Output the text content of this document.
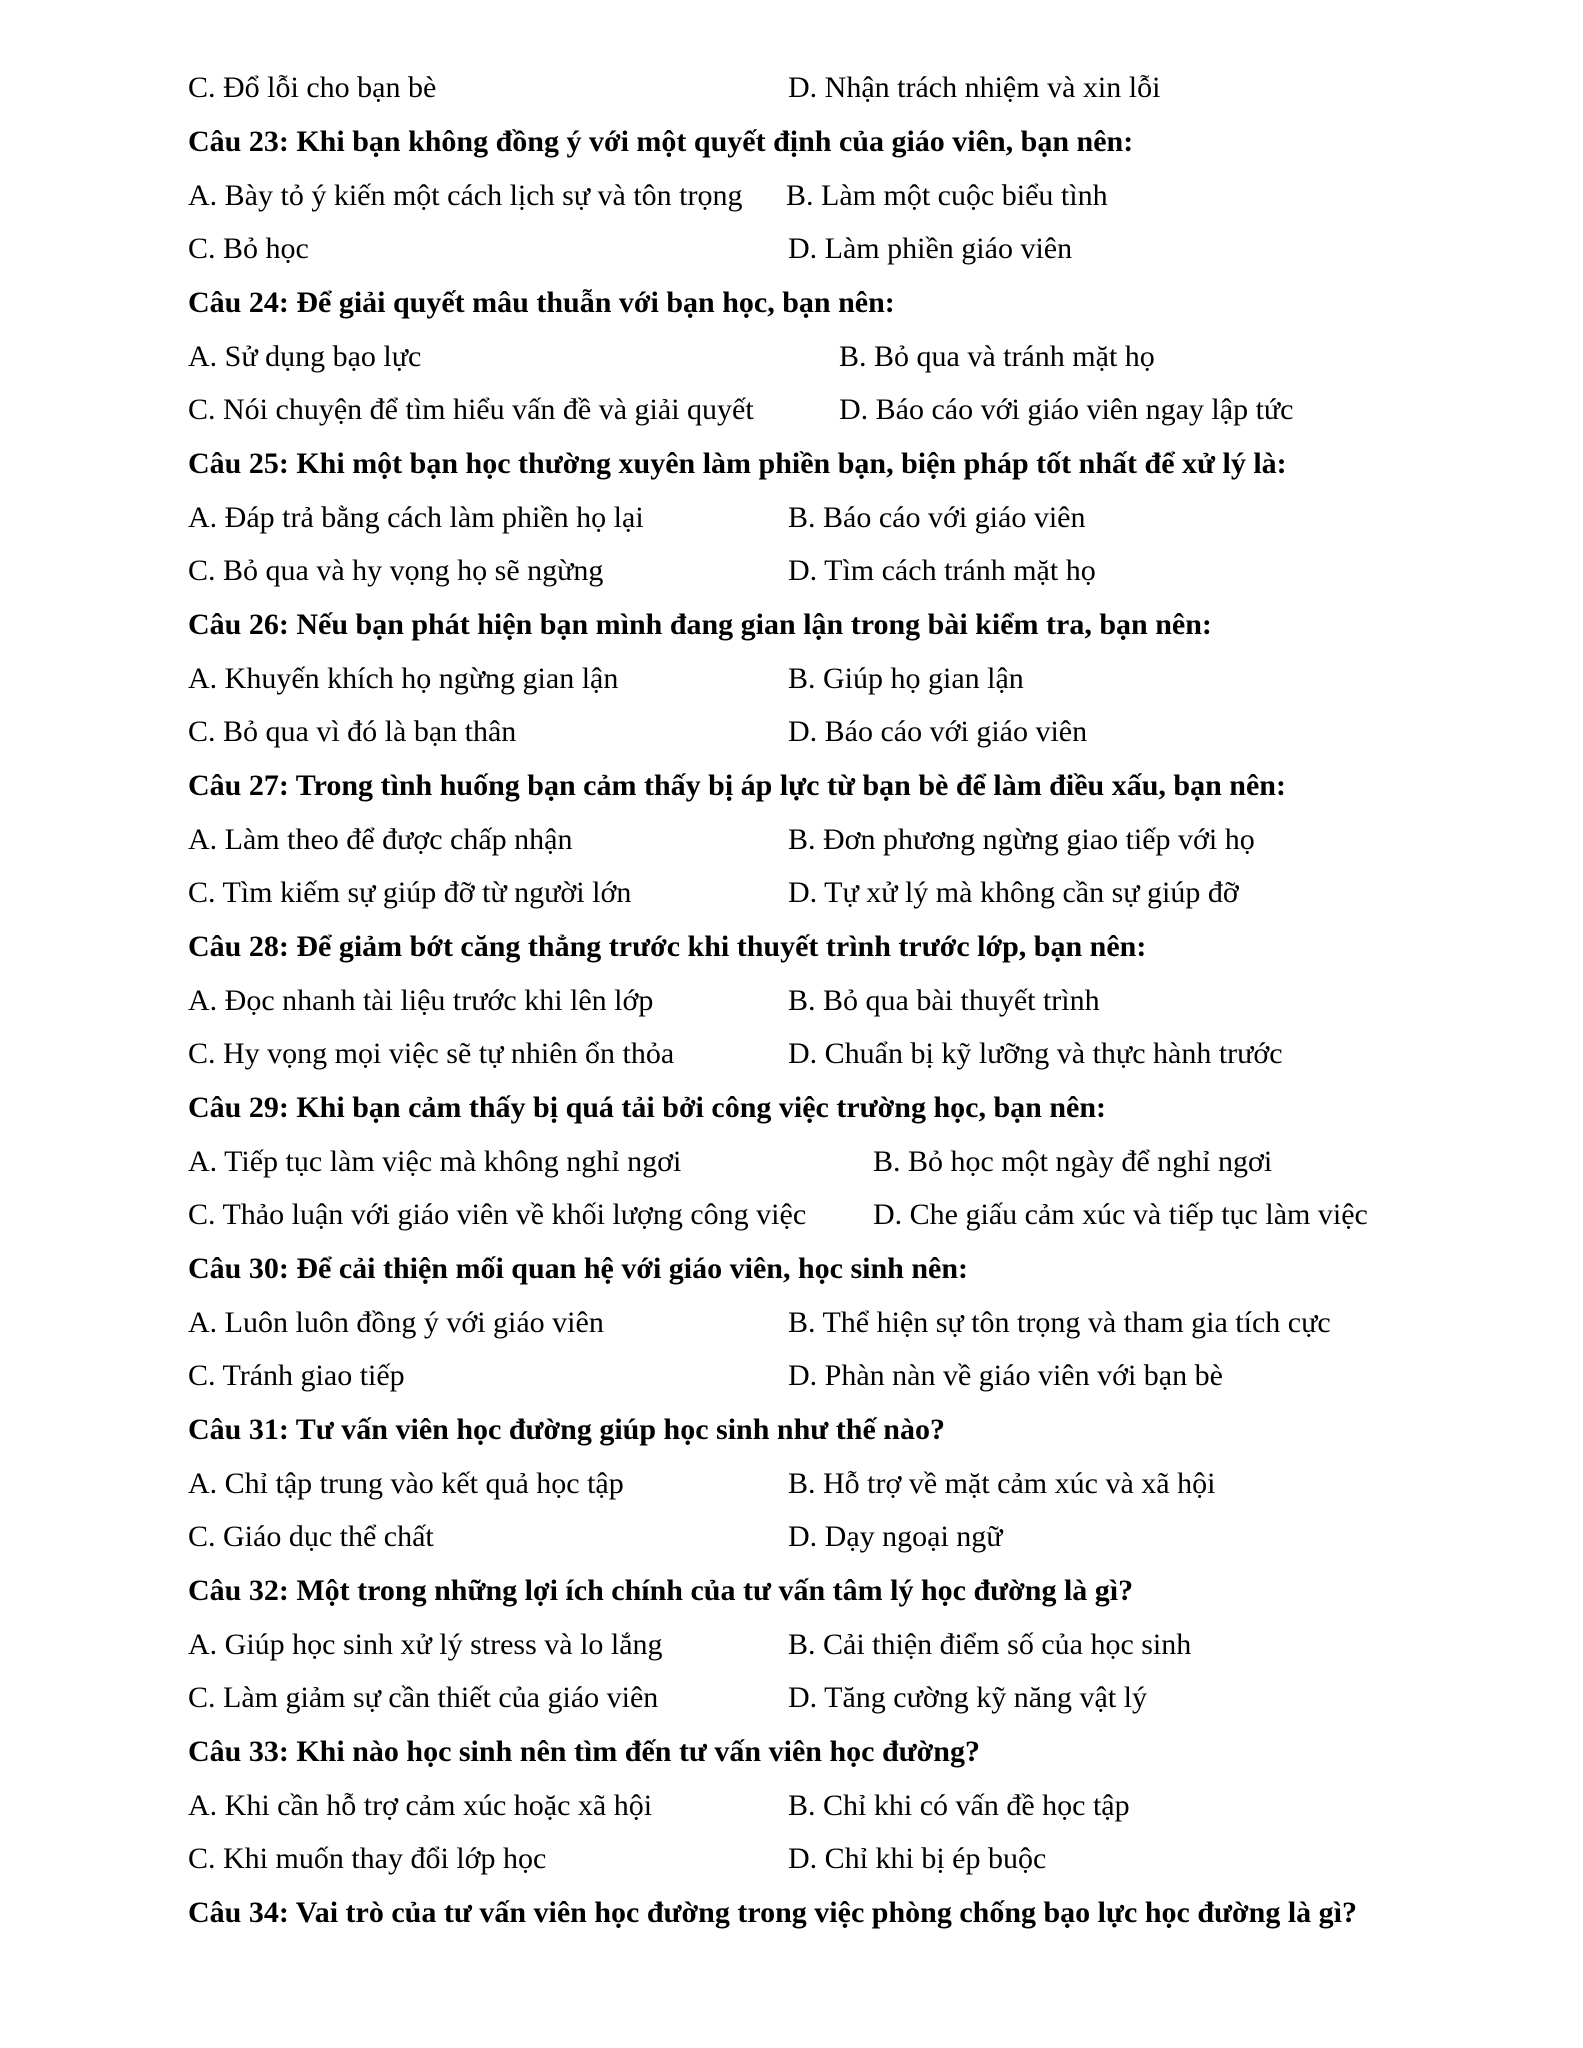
C. Đổ lỗi cho bạn bè	D. Nhận trách nhiệm và xin lỗi
Câu 23: Khi bạn không đồng ý với một quyết định của giáo viên, bạn nên:
A. Bày tỏ ý kiến một cách lịch sự và tôn trọng B. Làm một cuộc biểu tình
C. Bỏ học	D. Làm phiền giáo viên
Câu 24: Để giải quyết mâu thuẫn với bạn học, bạn nên:
A. Sử dụng bạo lực	B. Bỏ qua và tránh mặt họ
C. Nói chuyện để tìm hiểu vấn đề và giải quyết	D. Báo cáo với giáo viên ngay lập tức
Câu 25: Khi một bạn học thường xuyên làm phiền bạn, biện pháp tốt nhất để xử lý là:
A. Đáp trả bằng cách làm phiền họ lại	B. Báo cáo với giáo viên
C. Bỏ qua và hy vọng họ sẽ ngừng	D. Tìm cách tránh mặt họ
Câu 26: Nếu bạn phát hiện bạn mình đang gian lận trong bài kiểm tra, bạn nên:
A. Khuyến khích họ ngừng gian lận	B. Giúp họ gian lận
C. Bỏ qua vì đó là bạn thân	D. Báo cáo với giáo viên
Câu 27: Trong tình huống bạn cảm thấy bị áp lực từ bạn bè để làm điều xấu, bạn nên:
A. Làm theo để được chấp nhận	B. Đơn phương ngừng giao tiếp với họ
C. Tìm kiếm sự giúp đỡ từ người lớn	D. Tự xử lý mà không cần sự giúp đỡ
Câu 28: Để giảm bớt căng thẳng trước khi thuyết trình trước lớp, bạn nên:
A. Đọc nhanh tài liệu trước khi lên lớp	B. Bỏ qua bài thuyết trình
C. Hy vọng mọi việc sẽ tự nhiên ổn thỏa	D. Chuẩn bị kỹ lưỡng và thực hành trước
Câu 29: Khi bạn cảm thấy bị quá tải bởi công việc trường học, bạn nên:
A. Tiếp tục làm việc mà không nghỉ ngơi	B. Bỏ học một ngày để nghỉ ngơi
C. Thảo luận với giáo viên về khối lượng công việc D. Che giấu cảm xúc và tiếp tục làm việc
Câu 30: Để cải thiện mối quan hệ với giáo viên, học sinh nên:
A. Luôn luôn đồng ý với giáo viên	B. Thể hiện sự tôn trọng và tham gia tích cực
C. Tránh giao tiếp	D. Phàn nàn về giáo viên với bạn bè
Câu 31: Tư vấn viên học đường giúp học sinh như thế nào?
A. Chỉ tập trung vào kết quả học tập	B. Hỗ trợ về mặt cảm xúc và xã hội
C. Giáo dục thể chất	D. Dạy ngoại ngữ
Câu 32: Một trong những lợi ích chính của tư vấn tâm lý học đường là gì?
A. Giúp học sinh xử lý stress và lo lắng	B. Cải thiện điểm số của học sinh
C. Làm giảm sự cần thiết của giáo viên	D. Tăng cường kỹ năng vật lý
Câu 33: Khi nào học sinh nên tìm đến tư vấn viên học đường?
A. Khi cần hỗ trợ cảm xúc hoặc xã hội	B. Chỉ khi có vấn đề học tập
C. Khi muốn thay đổi lớp học	D. Chỉ khi bị ép buộc
Câu 34: Vai trò của tư vấn viên học đường trong việc phòng chống bạo lực học đường là gì?
